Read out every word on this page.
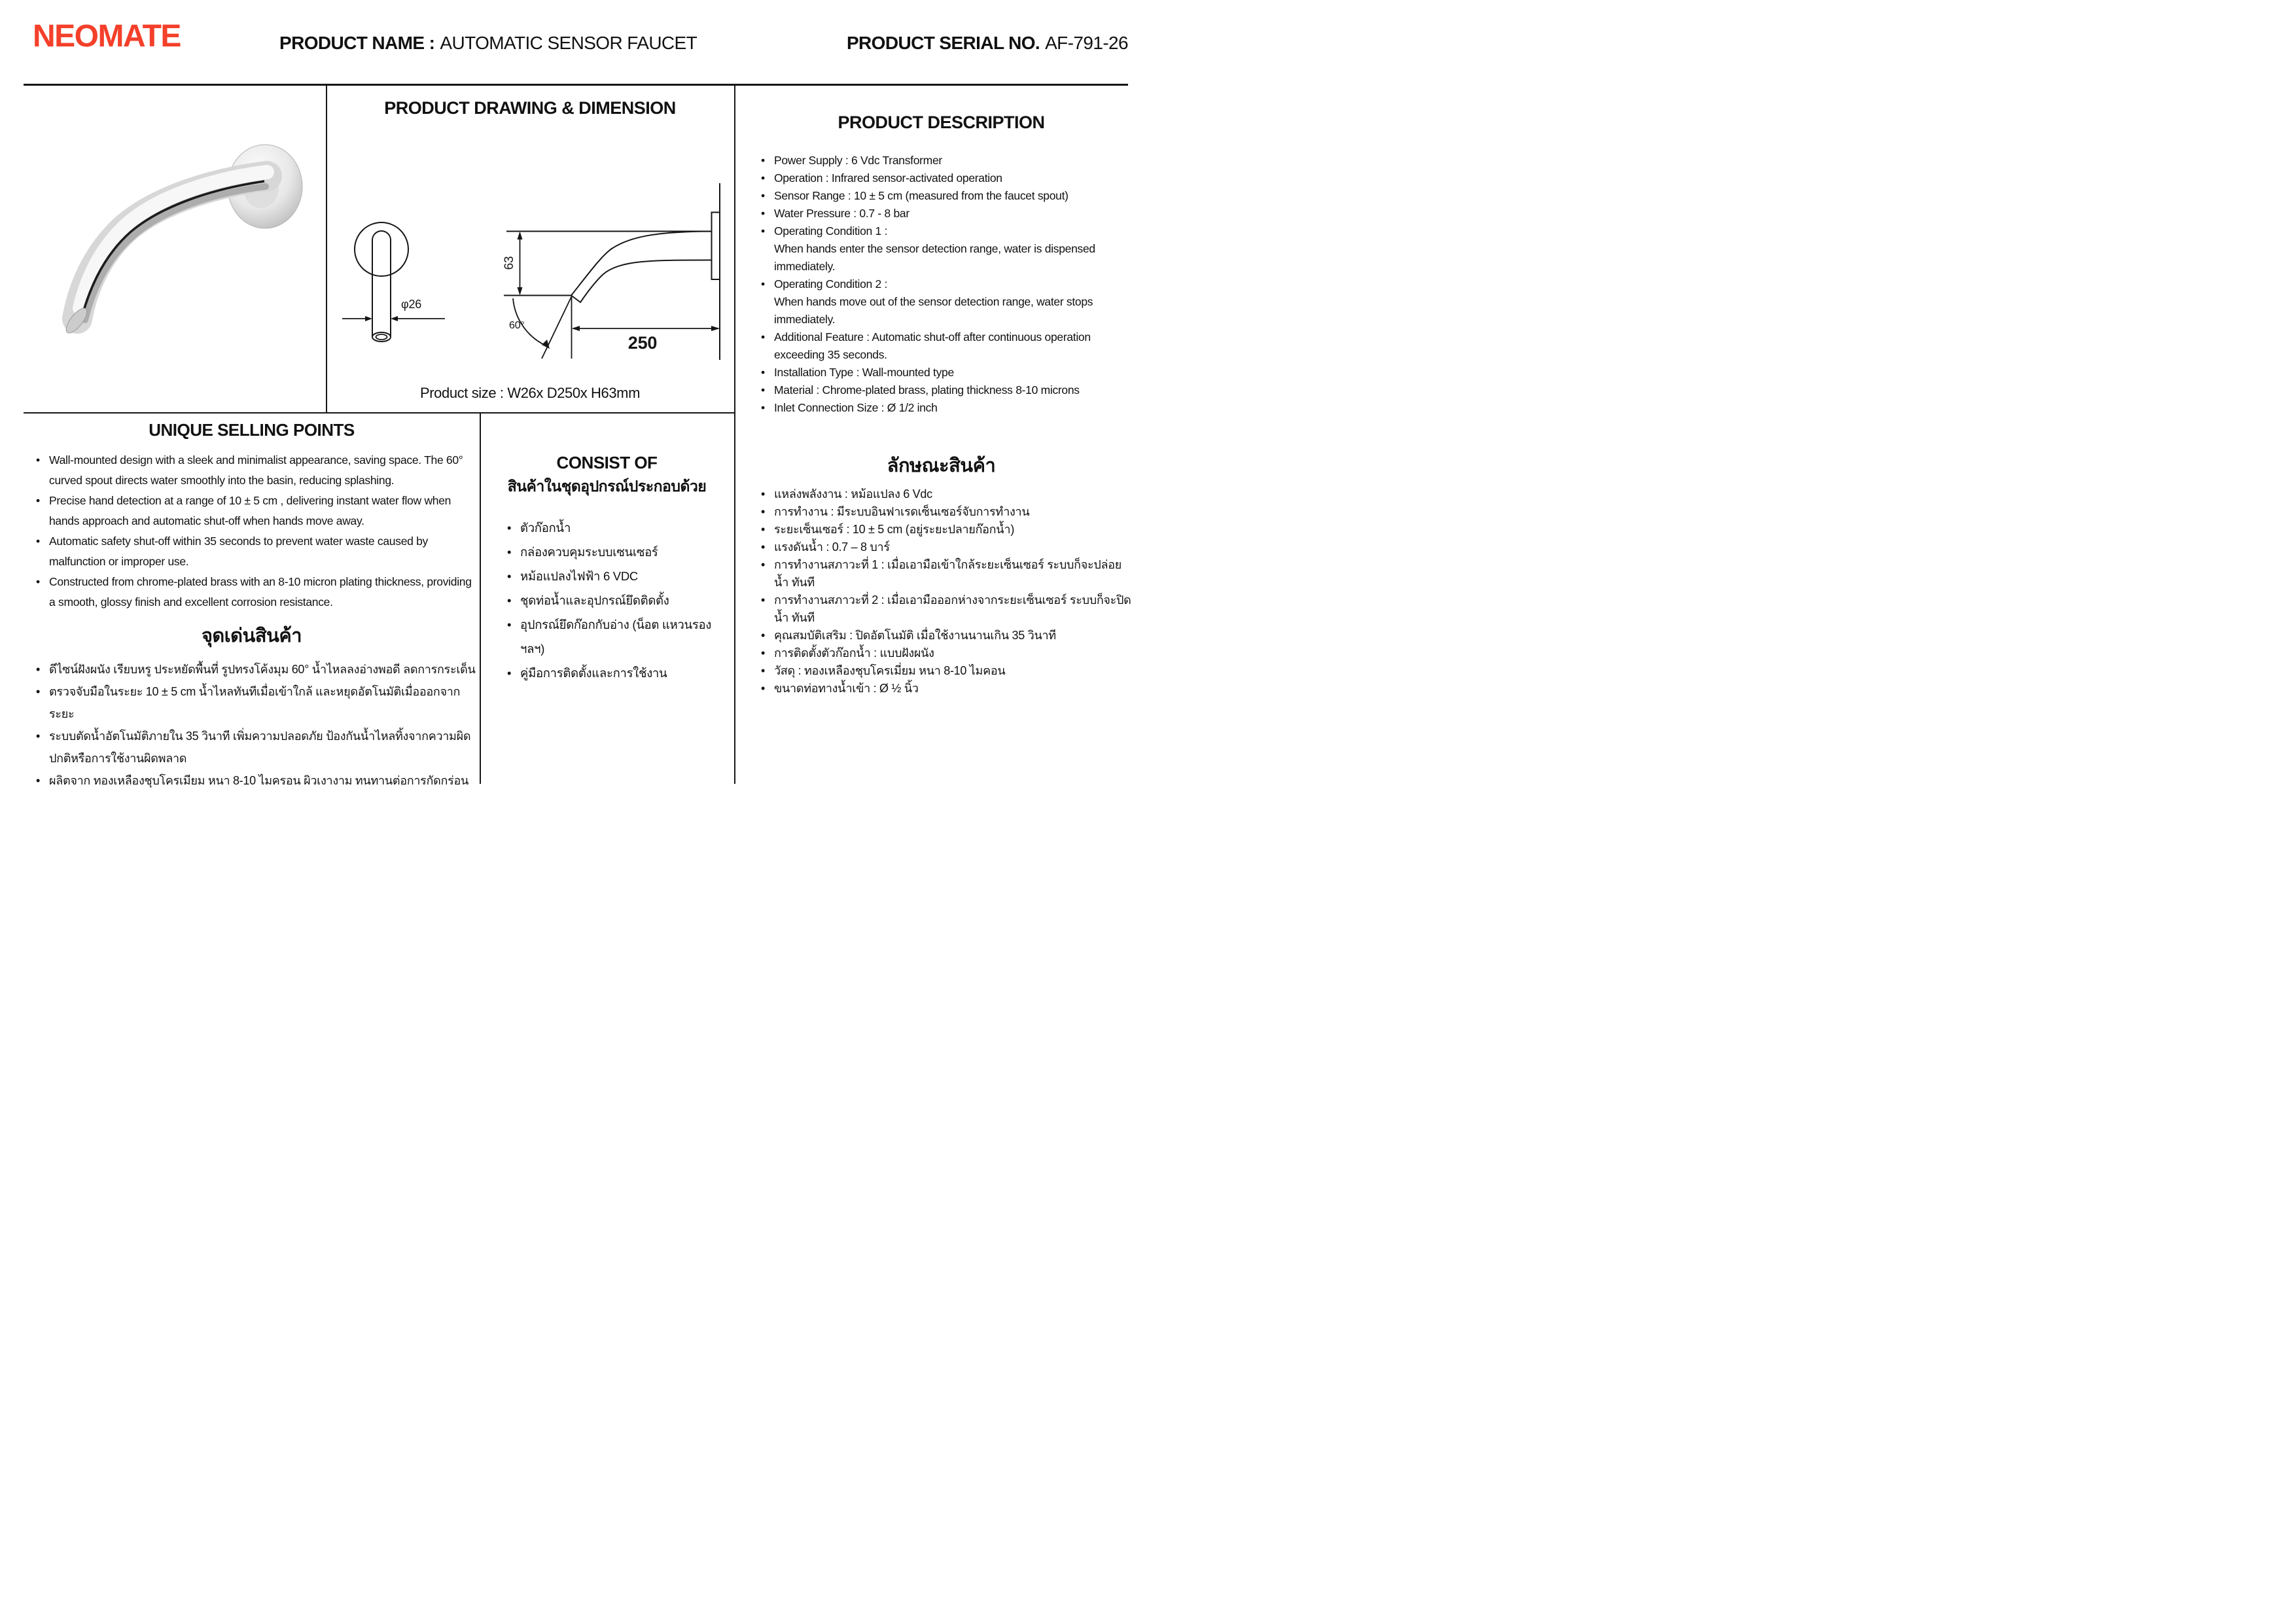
NEOMATE	PRODUCT NAME : AUTOMATIC SENSOR FAUCET	PRODUCT SERIAL NO. AF-791-26
PRODUCT DRAWING & DIMENSION
φ26
63
60°
250
Product size : W26x D250x H63mm
PRODUCT DESCRIPTION
• Power Supply : 6 Vdc Transformer
• Operation : Infrared sensor-activated operation
• Sensor Range : 10 ± 5 cm (measured from the faucet spout)
• Water Pressure : 0.7 - 8 bar
• Operating Condition 1 :
When hands enter the sensor detection range, water is dispensed immediately.
• Operating Condition 2 :
When hands move out of the sensor detection range, water stops immediately.
• Additional Feature : Automatic shut-off after continuous operation exceeding 35 seconds.
• Installation Type : Wall-mounted type
• Material : Chrome-plated brass, plating thickness 8-10 microns
• Inlet Connection Size : Ø 1/2 inch
UNIQUE SELLING POINTS
• Wall-mounted design with a sleek and minimalist appearance, saving space. The 60° curved spout directs water smoothly into the basin, reducing splashing.
• Precise hand detection at a range of 10 ± 5 cm , delivering instant water flow when hands approach and automatic shut-off when hands move away.
• Automatic safety shut-off within 35 seconds to prevent water waste caused by malfunction or improper use.
• Constructed from chrome-plated brass with an 8-10 micron plating thickness, providing a smooth, glossy finish and excellent corrosion resistance.
จุดเด่นสินค้า
• ดีไซน์ฝังผนัง เรียบหรู ประหยัดพื้นที่ รูปทรงโค้งมุม 60° น้ำไหลลงอ่างพอดี ลดการกระเด็น
• ตรวจจับมือในระยะ 10 ± 5 cm น้ำไหลทันทีเมื่อเข้าใกล้ และหยุดอัตโนมัติเมื่อออกจากระยะ
• ระบบตัดน้ำอัตโนมัติภายใน 35 วินาที เพิ่มความปลอดภัย ป้องกันน้ำไหลทิ้งจากความผิดปกติหรือการใช้งานผิดพลาด
• ผลิตจาก ทองเหลืองชุบโครเมียม หนา 8-10 ไมครอน ผิวเงางาม ทนทานต่อการกัดกร่อน
CONSIST OF
สินค้าในชุดอุปกรณ์ประกอบด้วย
• ตัวก๊อกน้ำ
• กล่องควบคุมระบบเซนเซอร์
• หม้อแปลงไฟฟ้า 6 VDC
• ชุดท่อน้ำและอุปกรณ์ยึดติดตั้ง
• อุปกรณ์ยึดก๊อกกับอ่าง (น็อต แหวนรอง ฯลฯ)
• คู่มือการติดตั้งและการใช้งาน
ลักษณะสินค้า
• แหล่งพลังงาน : หม้อแปลง 6 Vdc
• การทำงาน : มีระบบอินฟาเรดเซ็นเซอร์จับการทำงาน
• ระยะเซ็นเซอร์ : 10 ± 5 cm (อยู่ระยะปลายก๊อกน้ำ)
• แรงดันน้ำ : 0.7 – 8 บาร์
• การทำงานสภาวะที่ 1 : เมื่อเอามือเข้าใกล้ระยะเซ็นเซอร์ ระบบก็จะปล่อยน้ำ ทันที
• การทำงานสภาวะที่ 2 : เมื่อเอามือออกห่างจากระยะเซ็นเซอร์ ระบบก็จะปิดน้ำ ทันที
• คุณสมบัติเสริม : ปิดอัตโนมัติ เมื่อใช้งานนานเกิน 35 วินาที
• การติดตั้งตัวก๊อกน้ำ : แบบฝังผนัง
• วัสดุ : ทองเหลืองชุบโครเมี่ยม หนา 8-10 ไมคอน
• ขนาดท่อทางน้ำเข้า : Ø ½ นิ้ว
